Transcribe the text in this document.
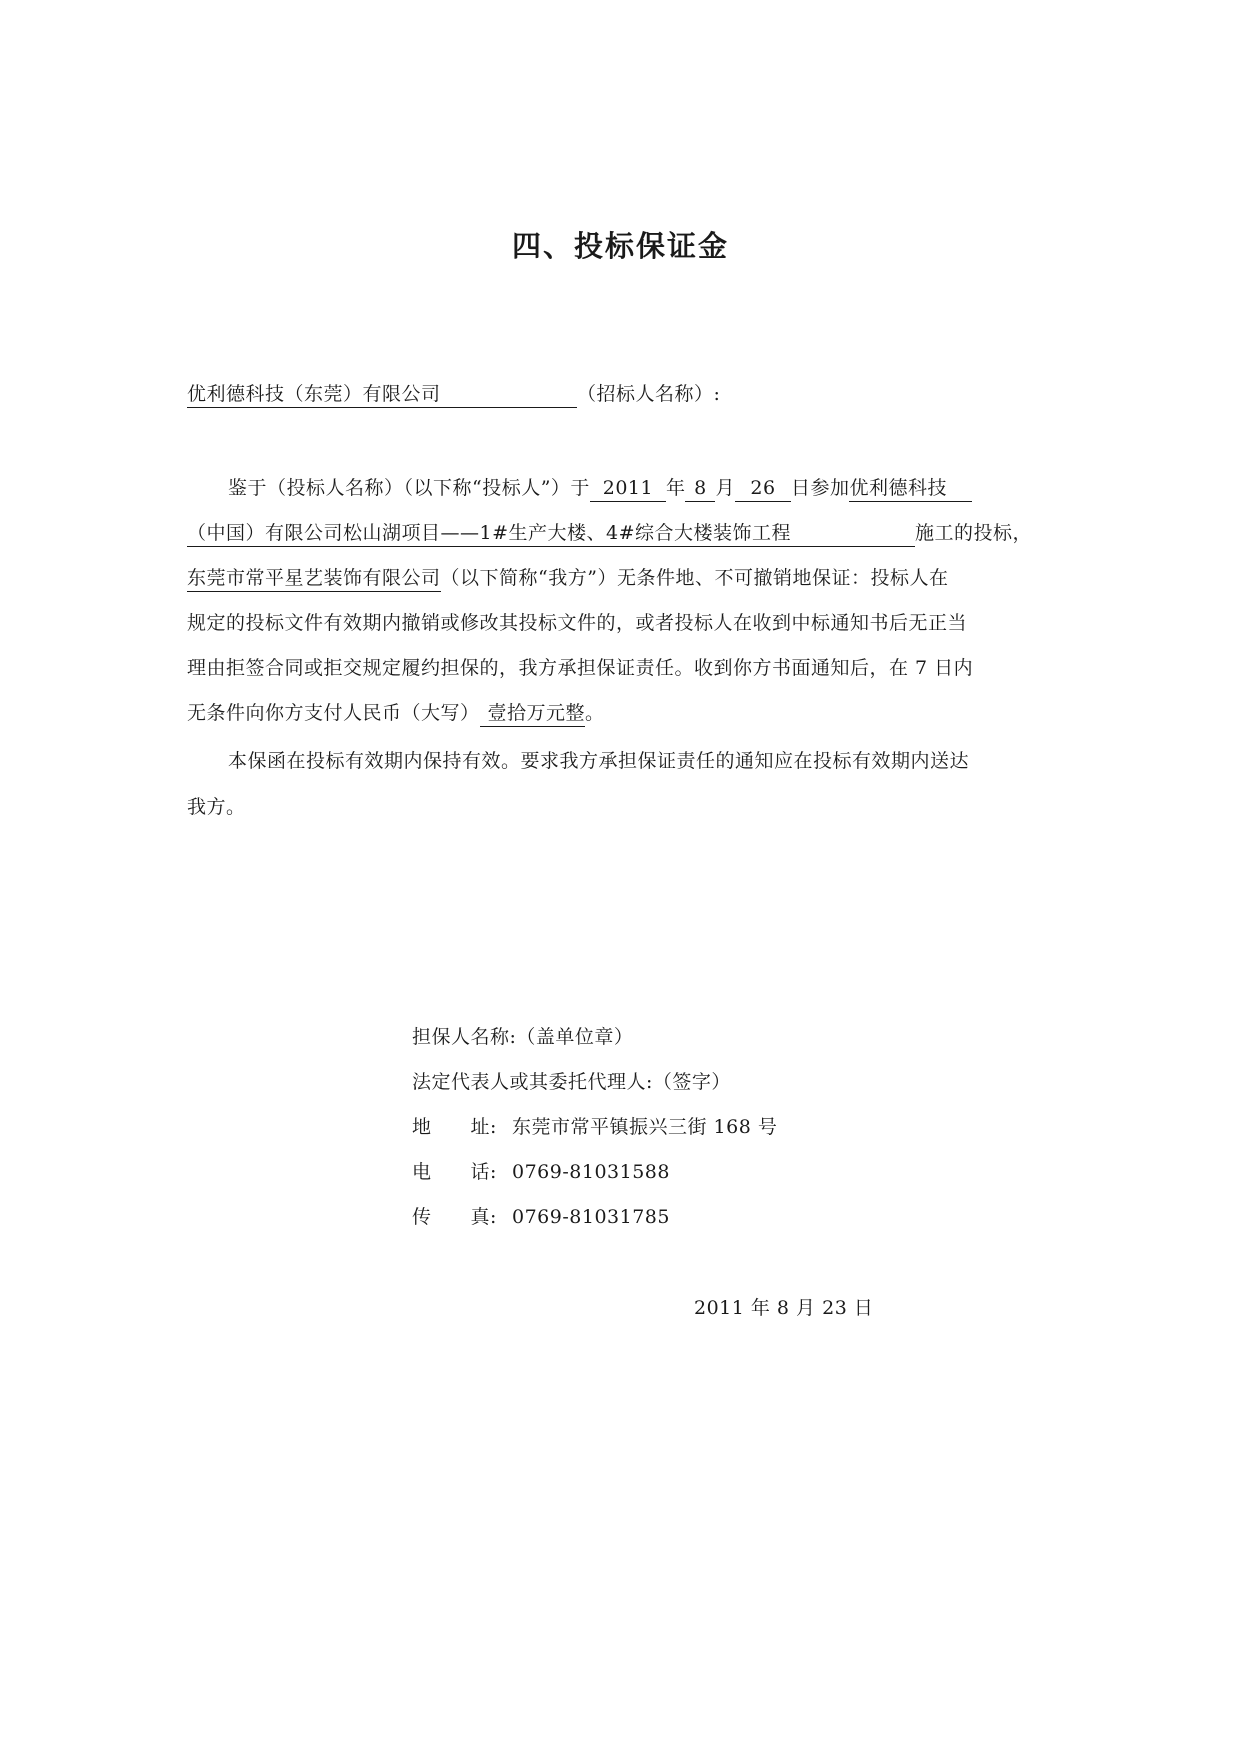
四、投标保证金
优利德科技（东莞）有限公司	（招标人名称）:
鉴于（投标人名称）（以下称“投标人”）于 2011 年 8 月 26 日参加优利德科技
（中国）有限公司松山湖项目——1#生产大楼、4#综合大楼装饰工程	施工的投标，
东莞市常平星艺装饰有限公司（以下简称“我方”）无条件地、不可撤销地保证：投标人在
规定的投标文件有效期内撤销或修改其投标文件的，或者投标人在收到中标通知书后无正当
理由拒签合同或拒交规定履约担保的，我方承担保证责任。收到你方书面通知后，在 7 日内
无条件向你方支付人民币（大写） 壹拾万元整。
本保函在投标有效期内保持有效。要求我方承担保证责任的通知应在投标有效期内送达
我方。
担保人名称:（盖单位章）
法定代表人或其委托代理人:（签字）
地　　址: 东莞市常平镇振兴三街 168 号
电　　话: 0769-81031588
传　　真: 0769-81031785
2011 年 8 月 23 日
